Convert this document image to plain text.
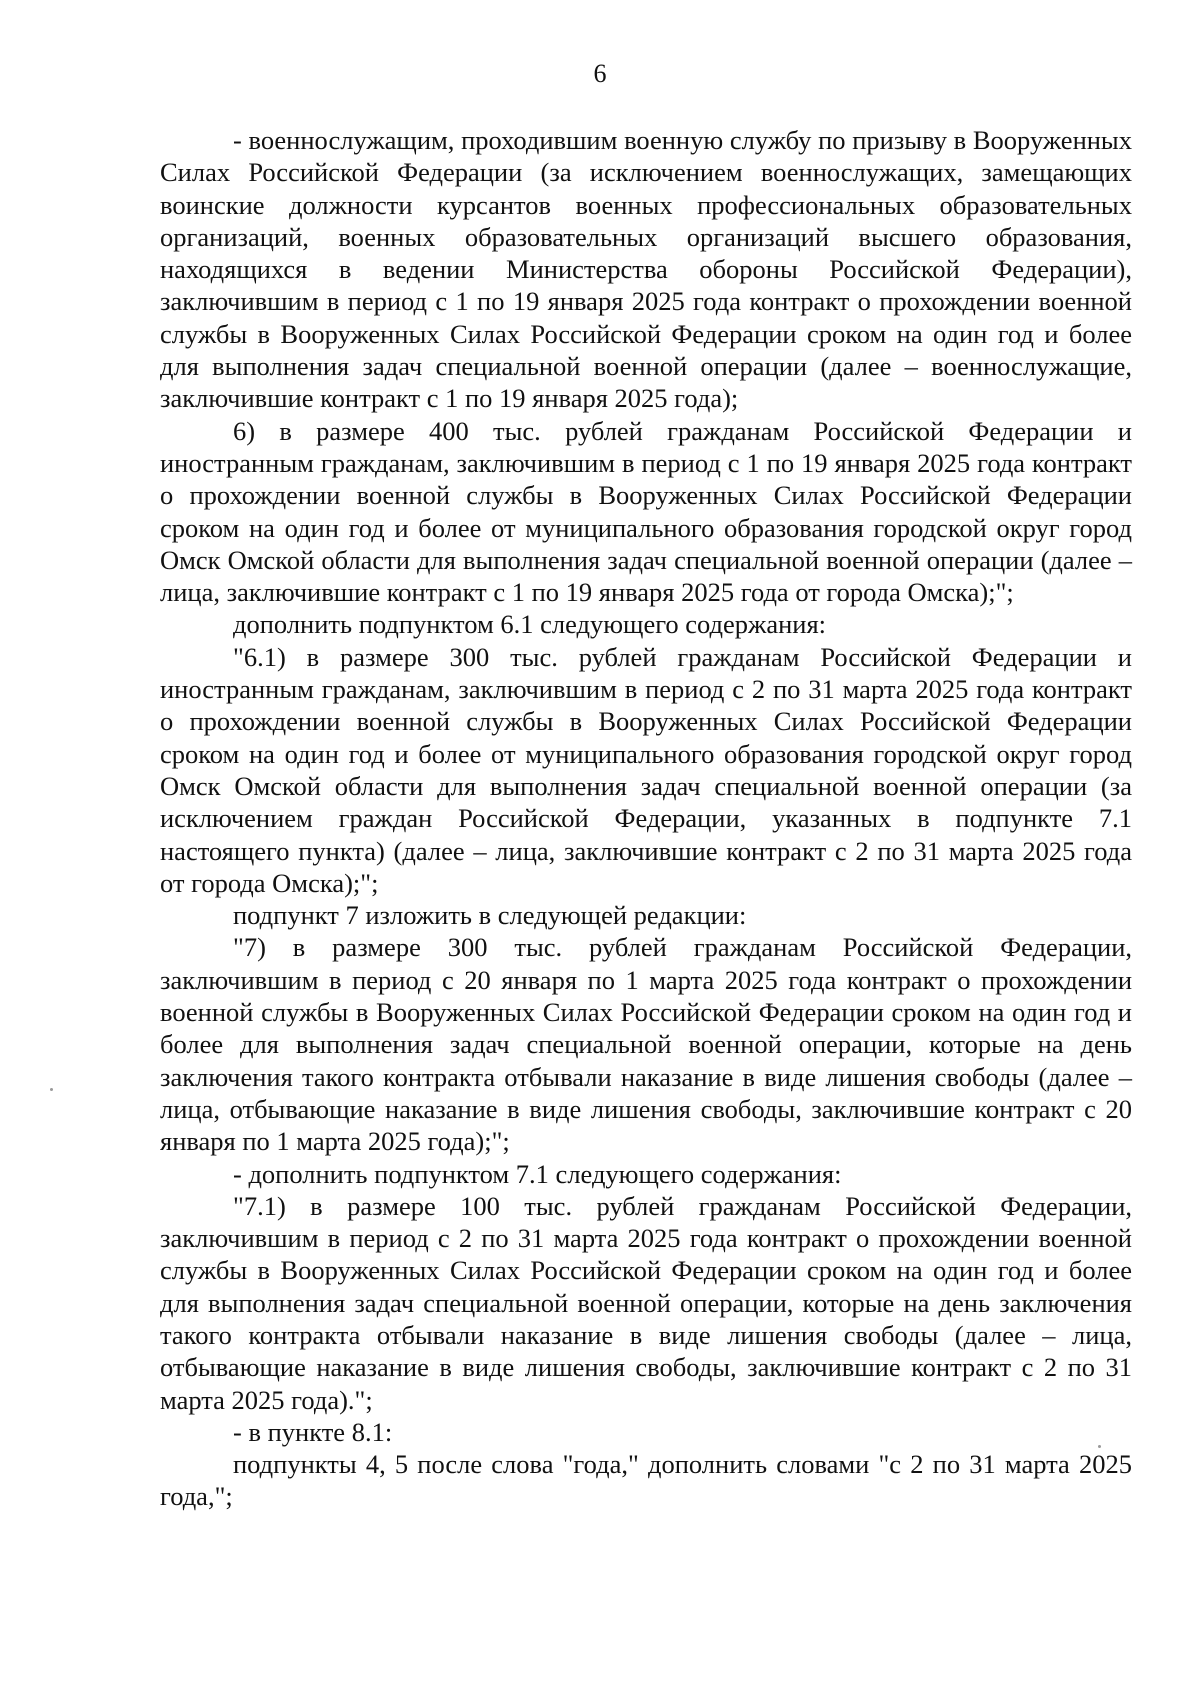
6

- военнослужащим, проходившим военную службу по призыву в Вооруженных Силах Российской Федерации (за исключением военнослужащих, замещающих воинские должности курсантов военных профессиональных образовательных организаций, военных образовательных организаций высшего образования, находящихся в ведении Министерства обороны Российской Федерации), заключившим в период с 1 по 19 января 2025 года контракт о прохождении военной службы в Вооруженных Силах Российской Федерации сроком на один год и более для выполнения задач специальной военной операции (далее – военнослужащие, заключившие контракт с 1 по 19 января 2025 года);

6) в размере 400 тыс. рублей гражданам Российской Федерации и иностранным гражданам, заключившим в период с 1 по 19 января 2025 года контракт о прохождении военной службы в Вооруженных Силах Российской Федерации сроком на один год и более от муниципального образования городской округ город Омск Омской области для выполнения задач специальной военной операции (далее – лица, заключившие контракт с 1 по 19 января 2025 года от города Омска);";

дополнить подпунктом 6.1 следующего содержания:

"6.1) в размере 300 тыс. рублей гражданам Российской Федерации и иностранным гражданам, заключившим в период с 2 по 31 марта 2025 года контракт о прохождении военной службы в Вооруженных Силах Российской Федерации сроком на один год и более от муниципального образования городской округ город Омск Омской области для выполнения задач специальной военной операции (за исключением граждан Российской Федерации, указанных в подпункте 7.1 настоящего пункта) (далее – лица, заключившие контракт с 2 по 31 марта 2025 года от города Омска);";

подпункт 7 изложить в следующей редакции:

"7) в размере 300 тыс. рублей гражданам Российской Федерации, заключившим в период с 20 января по 1 марта 2025 года контракт о прохождении военной службы в Вооруженных Силах Российской Федерации сроком на один год и более для выполнения задач специальной военной операции, которые на день заключения такого контракта отбывали наказание в виде лишения свободы (далее – лица, отбывающие наказание в виде лишения свободы, заключившие контракт с 20 января по 1 марта 2025 года);";

- дополнить подпунктом 7.1 следующего содержания:

"7.1) в размере 100 тыс. рублей гражданам Российской Федерации, заключившим в период с 2 по 31 марта 2025 года контракт о прохождении военной службы в Вооруженных Силах Российской Федерации сроком на один год и более для выполнения задач специальной военной операции, которые на день заключения такого контракта отбывали наказание в виде лишения свободы (далее – лица, отбывающие наказание в виде лишения свободы, заключившие контракт с 2 по 31 марта 2025 года).";

- в пункте 8.1:

подпункты 4, 5 после слова "года," дополнить словами "с 2 по 31 марта 2025 года,";
